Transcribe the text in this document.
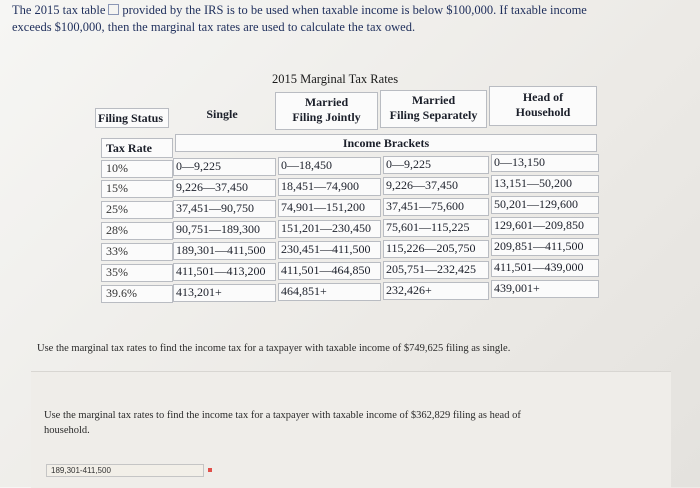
The 2015 tax table provided by the IRS is to be used when taxable income is below $100,000. If taxable income
exceeds $100,000, then the marginal tax rates are used to calculate the tax owed.
2015 Marginal Tax Rates
Filing Status	Single
Married
Filing Jointly
Married
Filing Separately
Head of
Household
Tax Rate	Income Brackets
10%	0—9,225	0—18,450	0—9,225	0—13,150
15%	9,226—37,450	18,451—74,900	9,226—37,450	13,151—50,200
25%	37,451—90,750	74,901—151,200	37,451—75,600	50,201—129,600
28%	90,751—189,300	151,201—230,450	75,601—115,225	129,601—209,850
33%	189,301—411,500	230,451—411,500	115,226—205,750	209,851—411,500
35%	411,501—413,200	411,501—464,850	205,751—232,425	411,501—439,000
39.6%	413,201+	464,851+	232,426+	439,001+
Use the marginal tax rates to find the income tax for a taxpayer with taxable income of $749,625 filing as single.
Use the marginal tax rates to find the income tax for a taxpayer with taxable income of $362,829 filing as head of
household.
189,301-411,500
